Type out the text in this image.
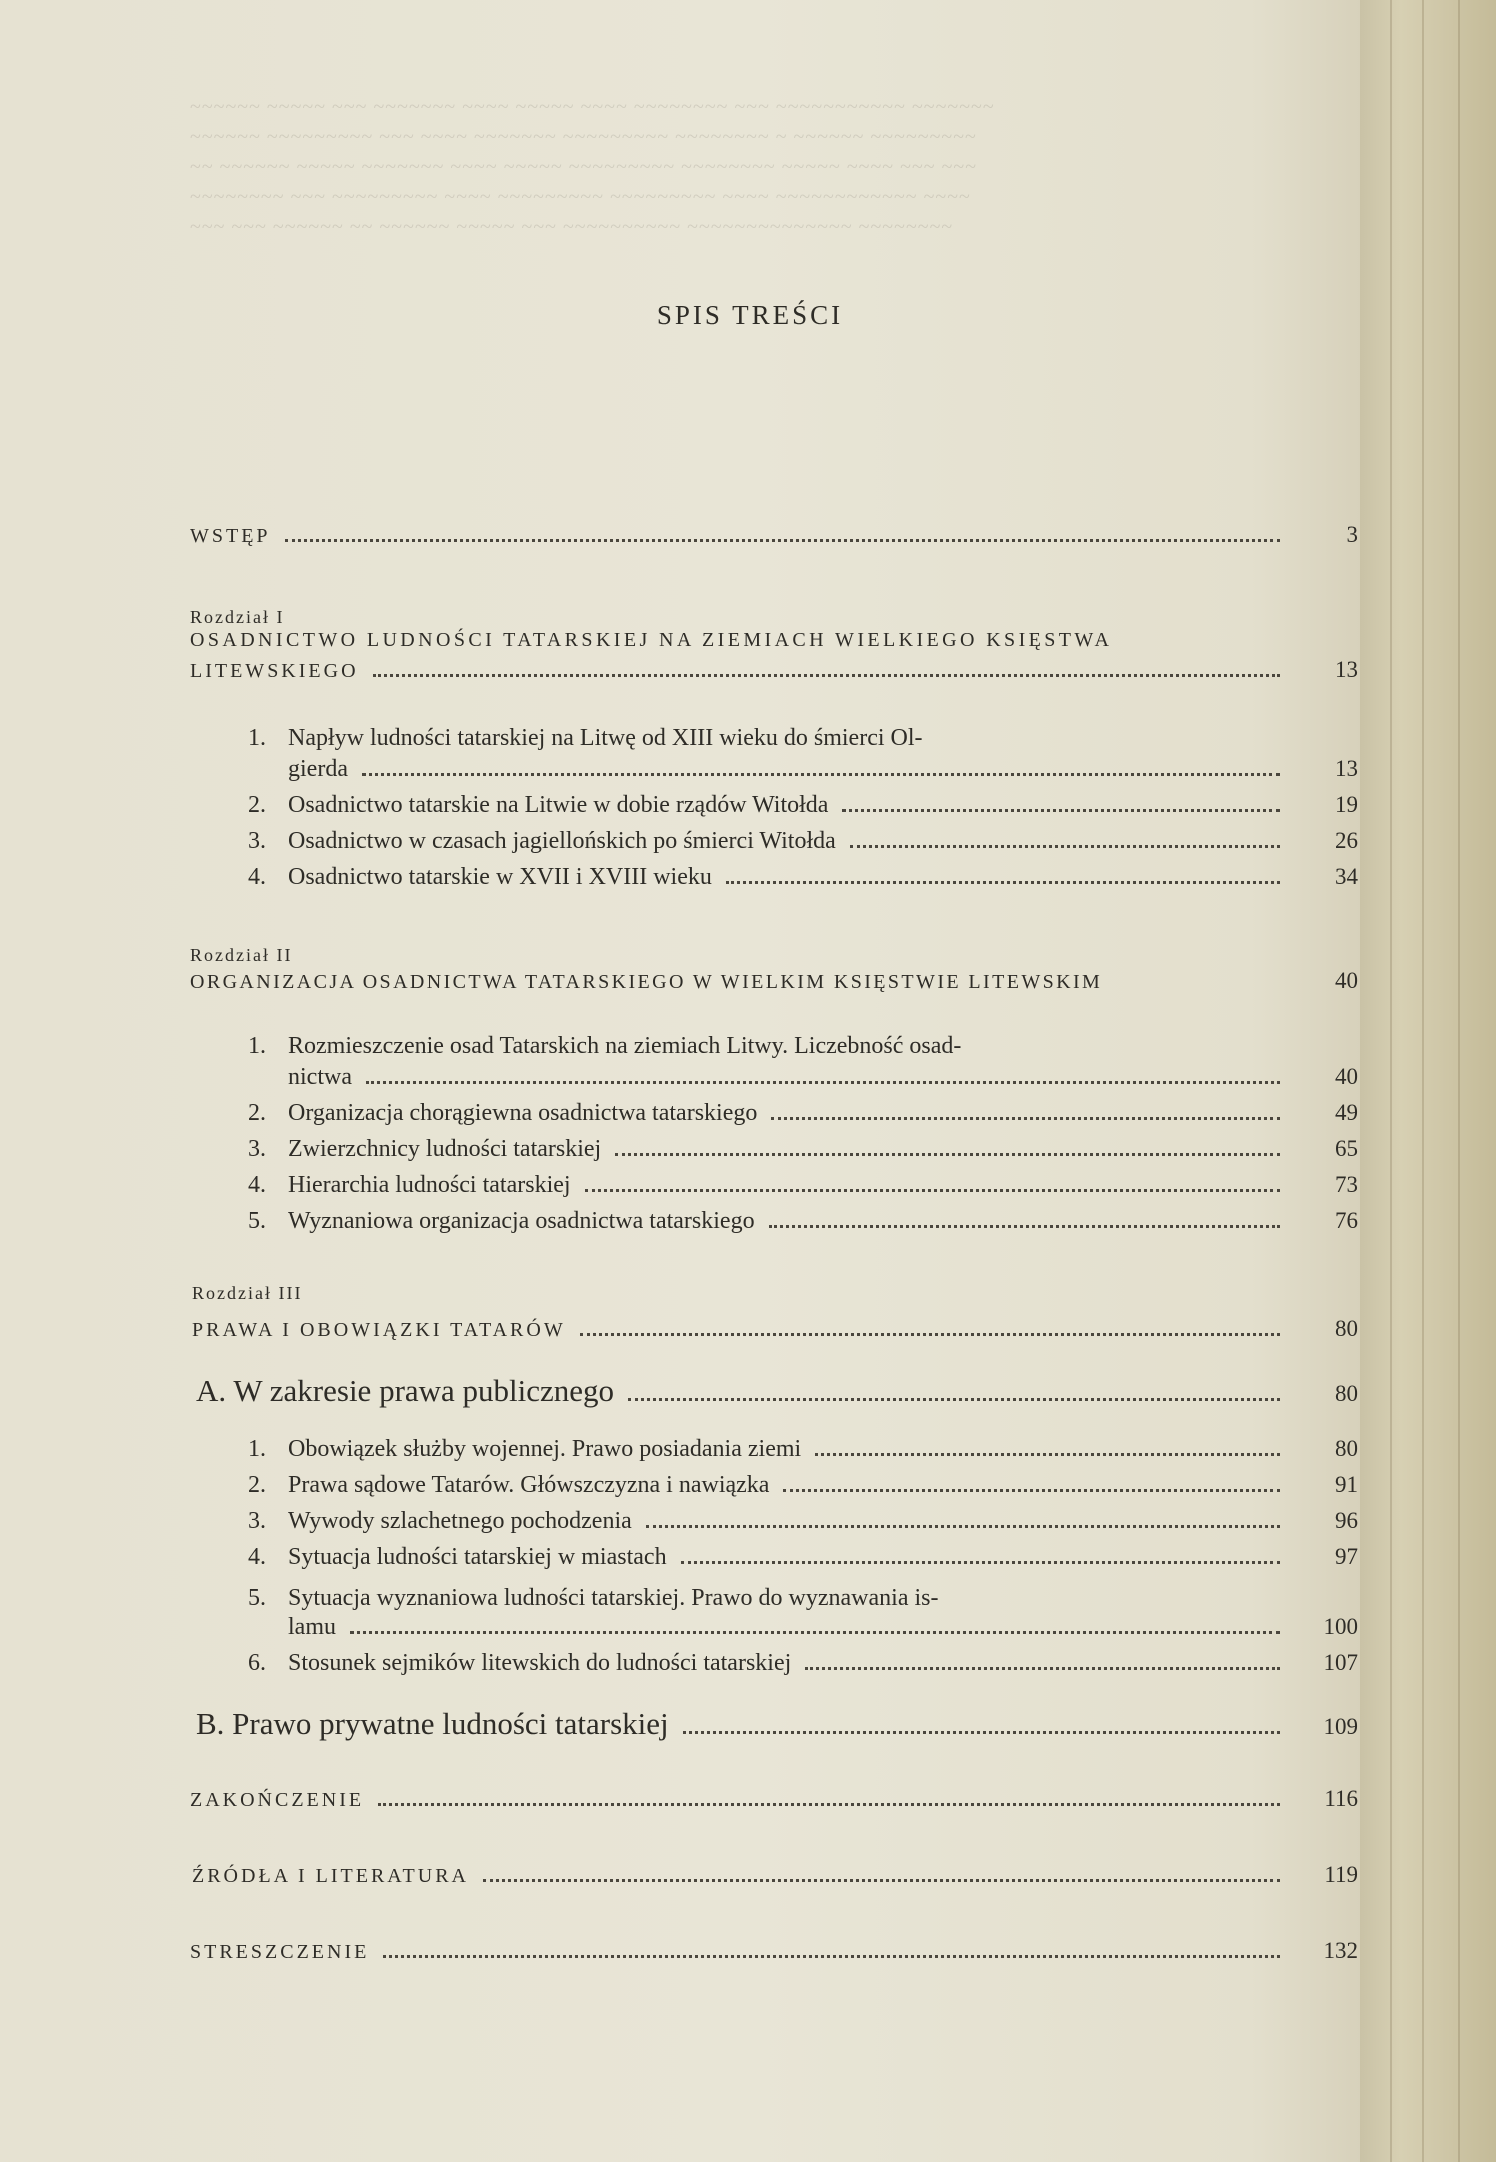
~~~~~~ ~~~~~ ~~~ ~~~~~~~ ~~~~ ~~~~~ ~~~~ ~~~~~~~~ ~~~ ~~~~~~~~~~~ ~~~~~~~
~~~~~~ ~~~~~~~~~ ~~~ ~~~~ ~~~~~~~ ~~~~~~~~~ ~~~~~~~~ ~ ~~~~~~ ~~~~~~~~~
~~ ~~~~~~ ~~~~~ ~~~~~~~ ~~~~ ~~~~~ ~~~~~~~~~ ~~~~~~~~ ~~~~~ ~~~~ ~~~ ~~~
~~~~~~~~ ~~~ ~~~~~~~~~ ~~~~ ~~~~~~~~~ ~~~~~~~~~ ~~~~ ~~~~~~~~~~~~ ~~~~
~~~ ~~~ ~~~~~~ ~~ ~~~~~~ ~~~~~ ~~~ ~~~~~~~~~~ ~~~~~~~~~~~~~~ ~~~~~~~~
SPIS TREŚCI
WSTĘP	3
Rozdział I
OSADNICTWO LUDNOŚCI TATARSKIEJ NA ZIEMIACH WIELKIEGO KSIĘSTWA
LITEWSKIEGO	13
1. Napływ ludności tatarskiej na Litwę od XIII wieku do śmierci Ol-
gierda	13
2. Osadnictwo tatarskie na Litwie w dobie rządów Witołda	19
3. Osadnictwo w czasach jagiellońskich po śmierci Witołda	26
4. Osadnictwo tatarskie w XVII i XVIII wieku	34
Rozdział II
ORGANIZACJA OSADNICTWA TATARSKIEGO W WIELKIM KSIĘSTWIE LITEWSKIM	40
1. Rozmieszczenie osad Tatarskich na ziemiach Litwy. Liczebność osad-
nictwa	40
2. Organizacja chorągiewna osadnictwa tatarskiego	49
3. Zwierzchnicy ludności tatarskiej	65
4. Hierarchia ludności tatarskiej	73
5. Wyznaniowa organizacja osadnictwa tatarskiego	76
Rozdział III
PRAWA I OBOWIĄZKI TATARÓW	80
A. W zakresie prawa publicznego	80
1. Obowiązek służby wojennej. Prawo posiadania ziemi	80
2. Prawa sądowe Tatarów. Główszczyzna i nawiązka	91
3. Wywody szlachetnego pochodzenia	96
4. Sytuacja ludności tatarskiej w miastach	97
5. Sytuacja wyznaniowa ludności tatarskiej. Prawo do wyznawania is-
lamu	100
6. Stosunek sejmików litewskich do ludności tatarskiej	107
B. Prawo prywatne ludności tatarskiej	109
ZAKOŃCZENIE	116
ŹRÓDŁA I LITERATURA	119
STRESZCZENIE	132
